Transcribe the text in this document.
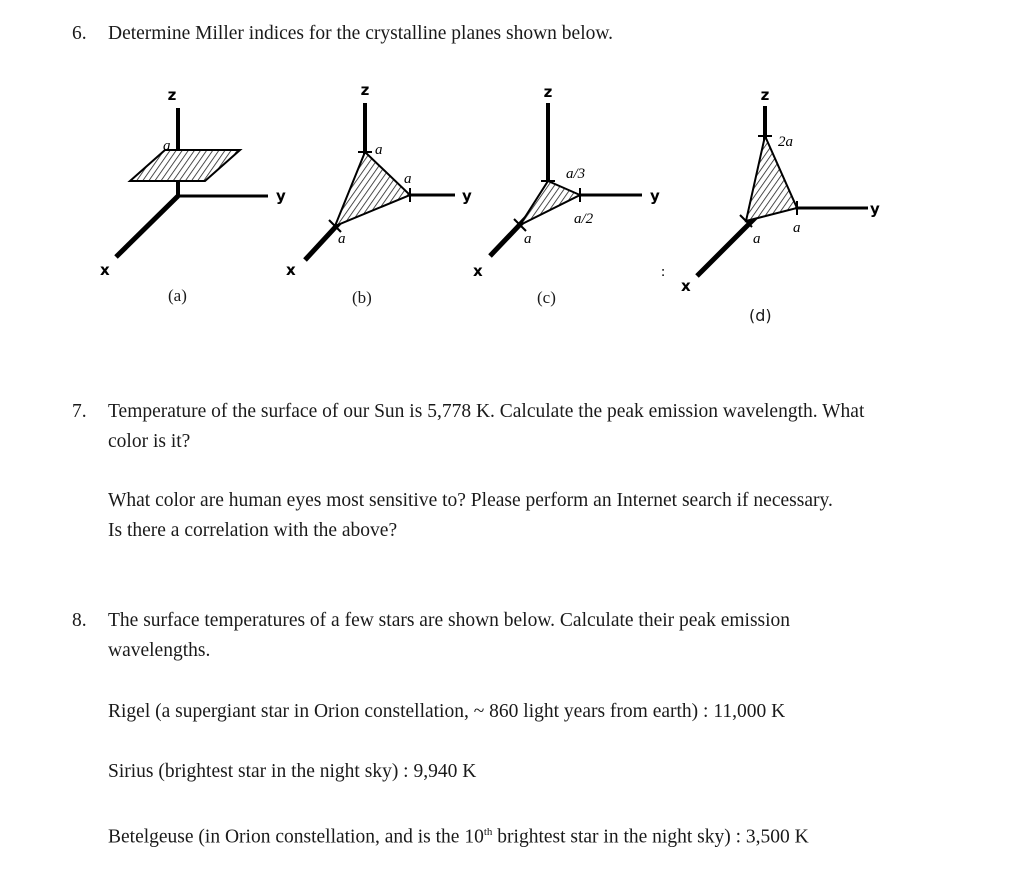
6. Determine Miller indices for the crystalline planes shown below.
z
y
x
a
z
y
x
a
a
a
z
y
x
a/3
a/2
a
:
z
y
x
2a
a
a
(a)	(b)	(c)
(d)
7. Temperature of the surface of our Sun is 5,778 K. Calculate the peak emission wavelength. What
color is it?
What color are human eyes most sensitive to? Please perform an Internet search if necessary.
Is there a correlation with the above?
8. The surface temperatures of a few stars are shown below. Calculate their peak emission
wavelengths.
Rigel (a supergiant star in Orion constellation, ~ 860 light years from earth) : 11,000 K
Sirius (brightest star in the night sky) : 9,940 K
Betelgeuse (in Orion constellation, and is the 10th brightest star in the night sky) : 3,500 K
